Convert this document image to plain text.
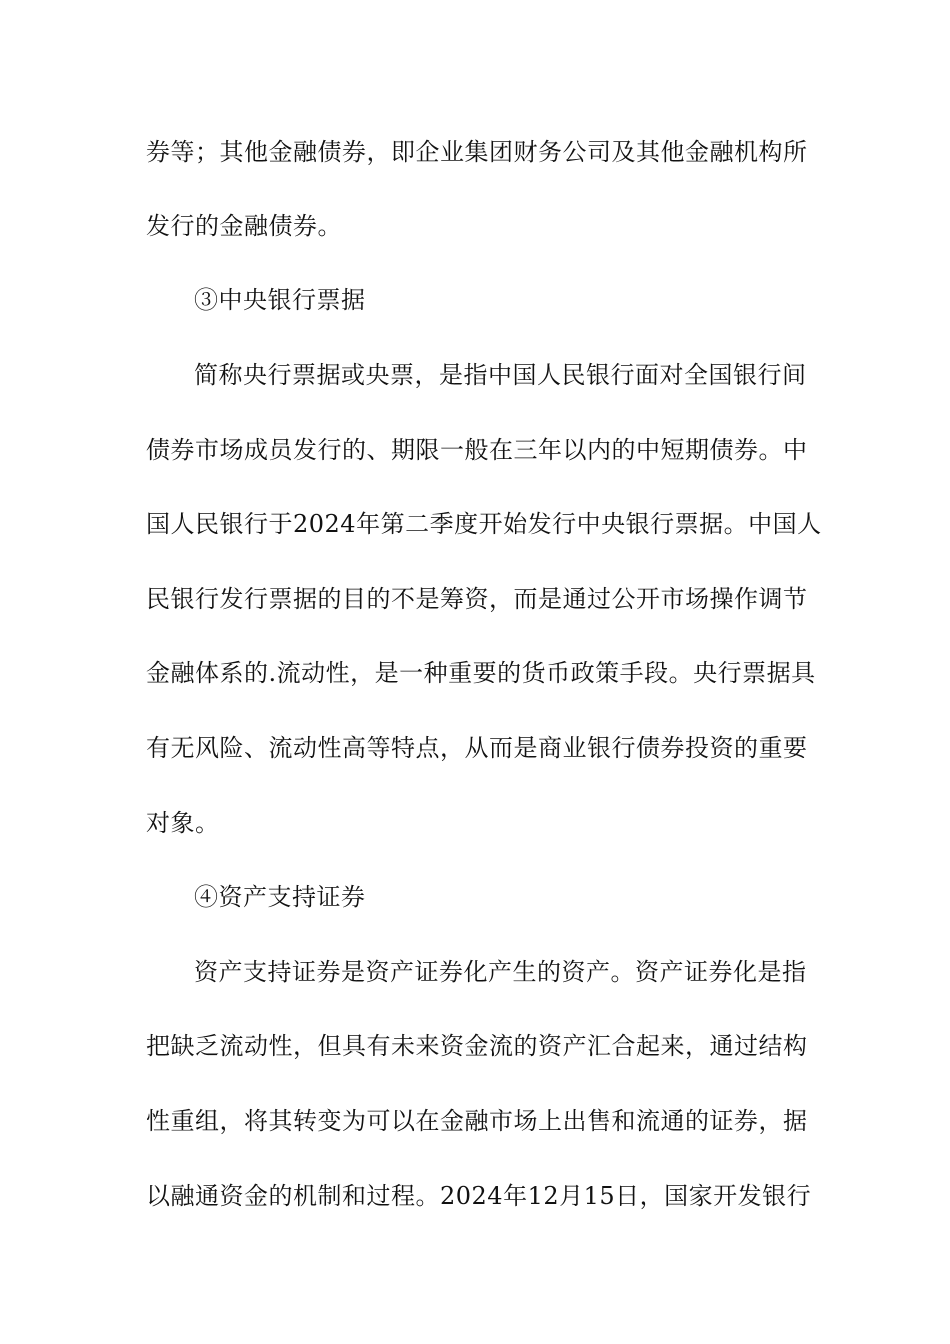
券等；其他金融债券，即企业集团财务公司及其他金融机构所
发行的金融债券。
③中央银行票据
简称央行票据或央票，是指中国人民银行面对全国银行间
债券市场成员发行的、期限一般在三年以内的中短期债券。中
国人民银行于2024年第二季度开始发行中央银行票据。中国人
民银行发行票据的目的不是筹资，而是通过公开市场操作调节
金融体系的.流动性，是一种重要的货币政策手段。央行票据具
有无风险、流动性高等特点，从而是商业银行债券投资的重要
对象。
④资产支持证券
资产支持证券是资产证券化产生的资产。资产证券化是指
把缺乏流动性，但具有未来资金流的资产汇合起来，通过结构
性重组，将其转变为可以在金融市场上出售和流通的证券，据
以融通资金的机制和过程。2024年12月15日，国家开发银行
